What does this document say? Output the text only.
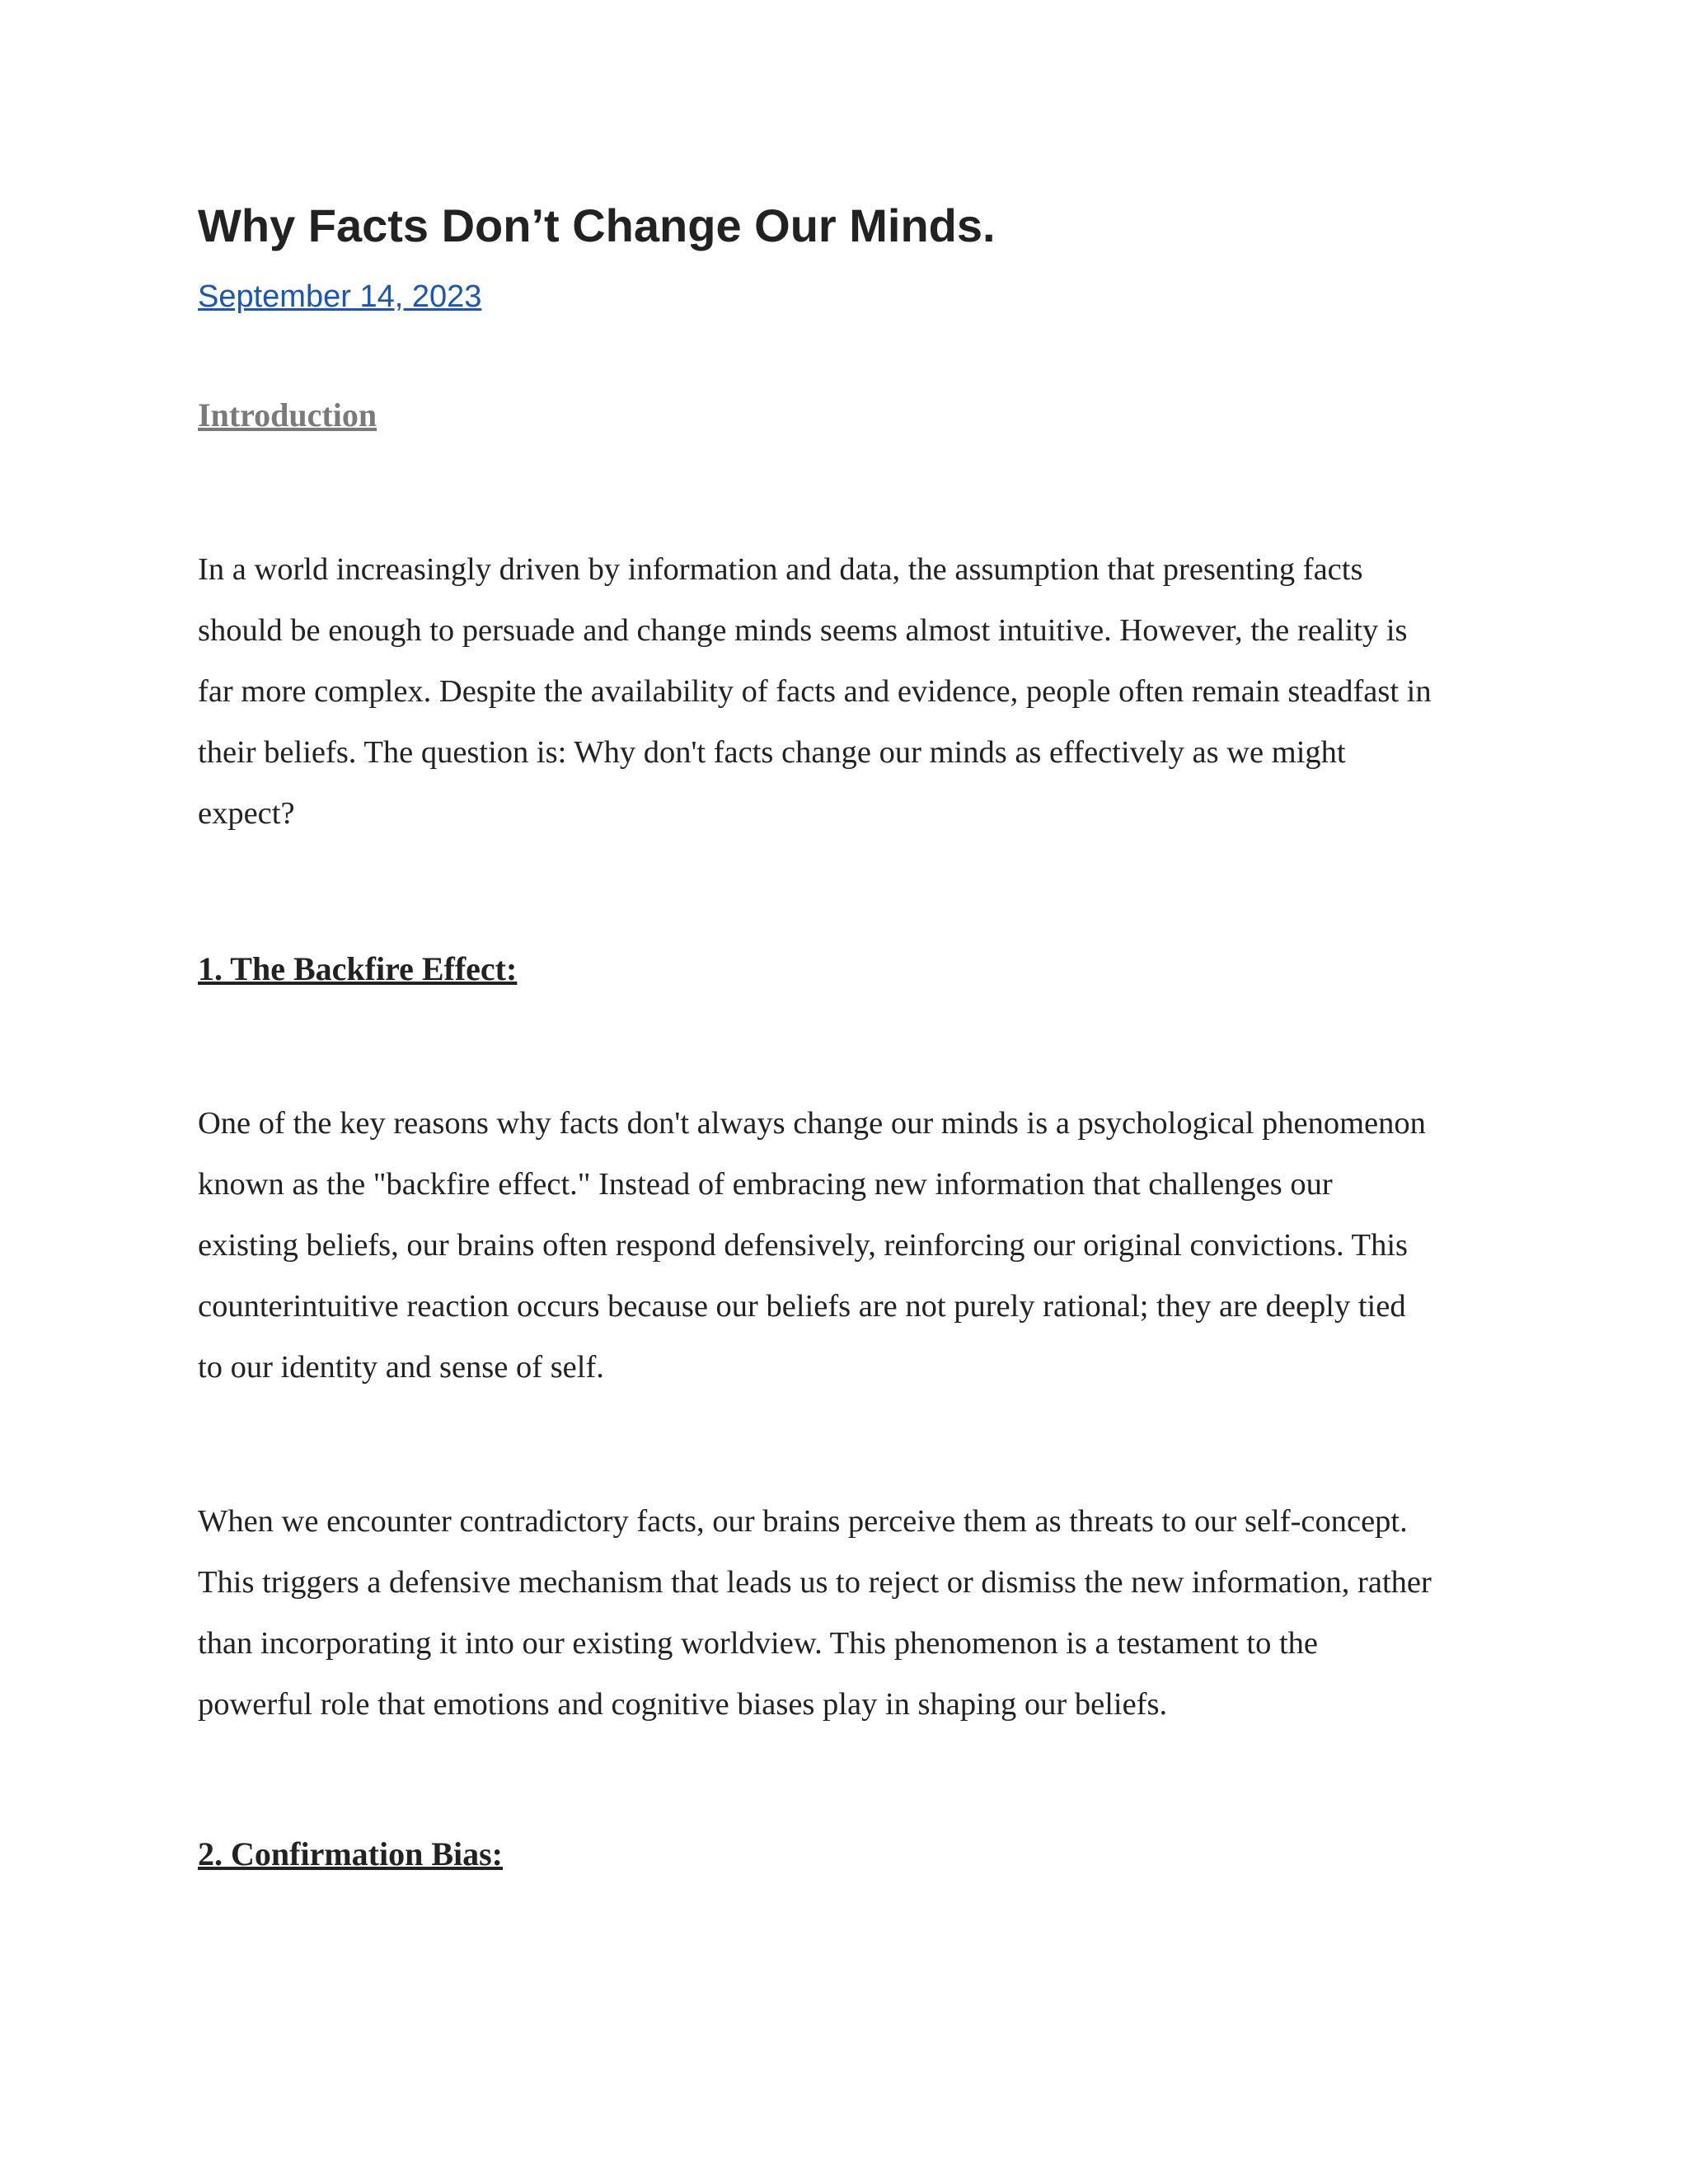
Why Facts Don’t Change Our Minds.
September 14, 2023
Introduction

In a world increasingly driven by information and data, the assumption that presenting facts
should be enough to persuade and change minds seems almost intuitive. However, the reality is
far more complex. Despite the availability of facts and evidence, people often remain steadfast in
their beliefs. The question is: Why don't facts change our minds as effectively as we might
expect?

1. The Backfire Effect:

One of the key reasons why facts don't always change our minds is a psychological phenomenon
known as the "backfire effect." Instead of embracing new information that challenges our
existing beliefs, our brains often respond defensively, reinforcing our original convictions. This
counterintuitive reaction occurs because our beliefs are not purely rational; they are deeply tied
to our identity and sense of self.

When we encounter contradictory facts, our brains perceive them as threats to our self-concept.
This triggers a defensive mechanism that leads us to reject or dismiss the new information, rather
than incorporating it into our existing worldview. This phenomenon is a testament to the
powerful role that emotions and cognitive biases play in shaping our beliefs.

2. Confirmation Bias:
